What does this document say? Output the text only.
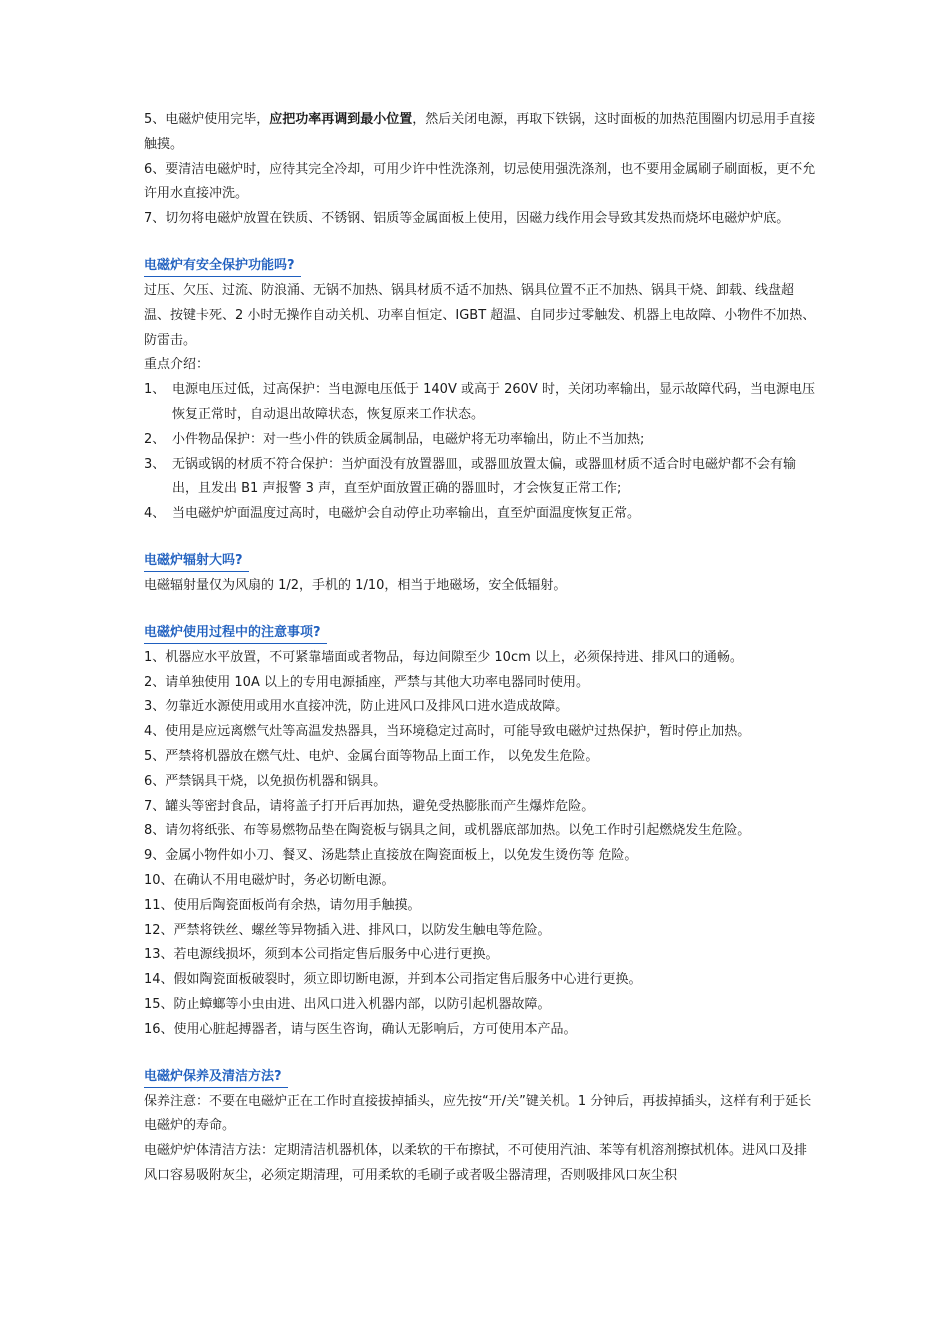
5、电磁炉使用完毕，应把功率再调到最小位置，然后关闭电源，再取下铁锅，这时面板的加热范围圈内切忌用手直接触摸。

6、要清洁电磁炉时，应待其完全冷却，可用少许中性洗涤剂，切忌使用强洗涤剂，也不要用金属刷子刷面板，更不允许用水直接冲洗。

7、切勿将电磁炉放置在铁质、不锈钢、铝质等金属面板上使用，因磁力线作用会导致其发热而烧坏电磁炉炉底。

电磁炉有安全保护功能吗?

过压、欠压、过流、防浪涌、无锅不加热、锅具材质不适不加热、锅具位置不正不加热、锅具干烧、卸载、线盘超温、按键卡死、2 小时无操作自动关机、功率自恒定、IGBT 超温、自同步过零触发、机器上电故障、小物件不加热、防雷击。

重点介绍：

1、 电源电压过低，过高保护：当电源电压低于 140V 或高于 260V 时，关闭功率输出，显示故障代码，当电源电压恢复正常时，自动退出故障状态，恢复原来工作状态。
2、 小件物品保护：对一些小件的铁质金属制品，电磁炉将无功率输出，防止不当加热;
3、 无锅或锅的材质不符合保护：当炉面没有放置器皿，或器皿放置太偏，或器皿材质不适合时电磁炉都不会有输出，且发出 B1 声报警 3 声，直至炉面放置正确的器皿时，才会恢复正常工作;
4、 当电磁炉炉面温度过高时，电磁炉会自动停止功率输出，直至炉面温度恢复正常。
电磁炉辐射大吗?

电磁辐射量仅为风扇的 1/2，手机的 1/10，相当于地磁场，安全低辐射。

电磁炉使用过程中的注意事项?

1、机器应水平放置，不可紧靠墙面或者物品，每边间隙至少 10cm 以上，必须保持进、排风口的通畅。

2、请单独使用 10A 以上的专用电源插座，严禁与其他大功率电器同时使用。

3、勿靠近水源使用或用水直接冲洗，防止进风口及排风口进水造成故障。

4、使用是应远离燃气灶等高温发热器具，当环境稳定过高时，可能导致电磁炉过热保护，暂时停止加热。

5、严禁将机器放在燃气灶、电炉、金属台面等物品上面工作， 以免发生危险。

6、严禁锅具干烧，以免损伤机器和锅具。

7、罐头等密封食品，请将盖子打开后再加热，避免受热膨胀而产生爆炸危险。

8、请勿将纸张、布等易燃物品垫在陶瓷板与锅具之间，或机器底部加热。以免工作时引起燃烧发生危险。

9、金属小物件如小刀、餐叉、汤匙禁止直接放在陶瓷面板上，以免发生烫伤等 危险。

10、在确认不用电磁炉时，务必切断电源。

11、使用后陶瓷面板尚有余热，请勿用手触摸。

12、严禁将铁丝、螺丝等异物插入进、排风口，以防发生触电等危险。

13、若电源线损坏，须到本公司指定售后服务中心进行更换。

14、假如陶瓷面板破裂时，须立即切断电源，并到本公司指定售后服务中心进行更换。

15、防止蟑螂等小虫由进、出风口进入机器内部，以防引起机器故障。

16、使用心脏起搏器者，请与医生咨询，确认无影响后，方可使用本产品。

电磁炉保养及清洁方法?

保养注意：不要在电磁炉正在工作时直接拔掉插头，应先按“开/关”键关机。1 分钟后，再拔掉插头，这样有利于延长电磁炉的寿命。

电磁炉炉体清洁方法：定期清洁机器机体，以柔软的干布擦拭，不可使用汽油、苯等有机溶剂擦拭机体。进风口及排风口容易吸附灰尘，必须定期清理，可用柔软的毛刷子或者吸尘器清理，否则吸排风口灰尘积
